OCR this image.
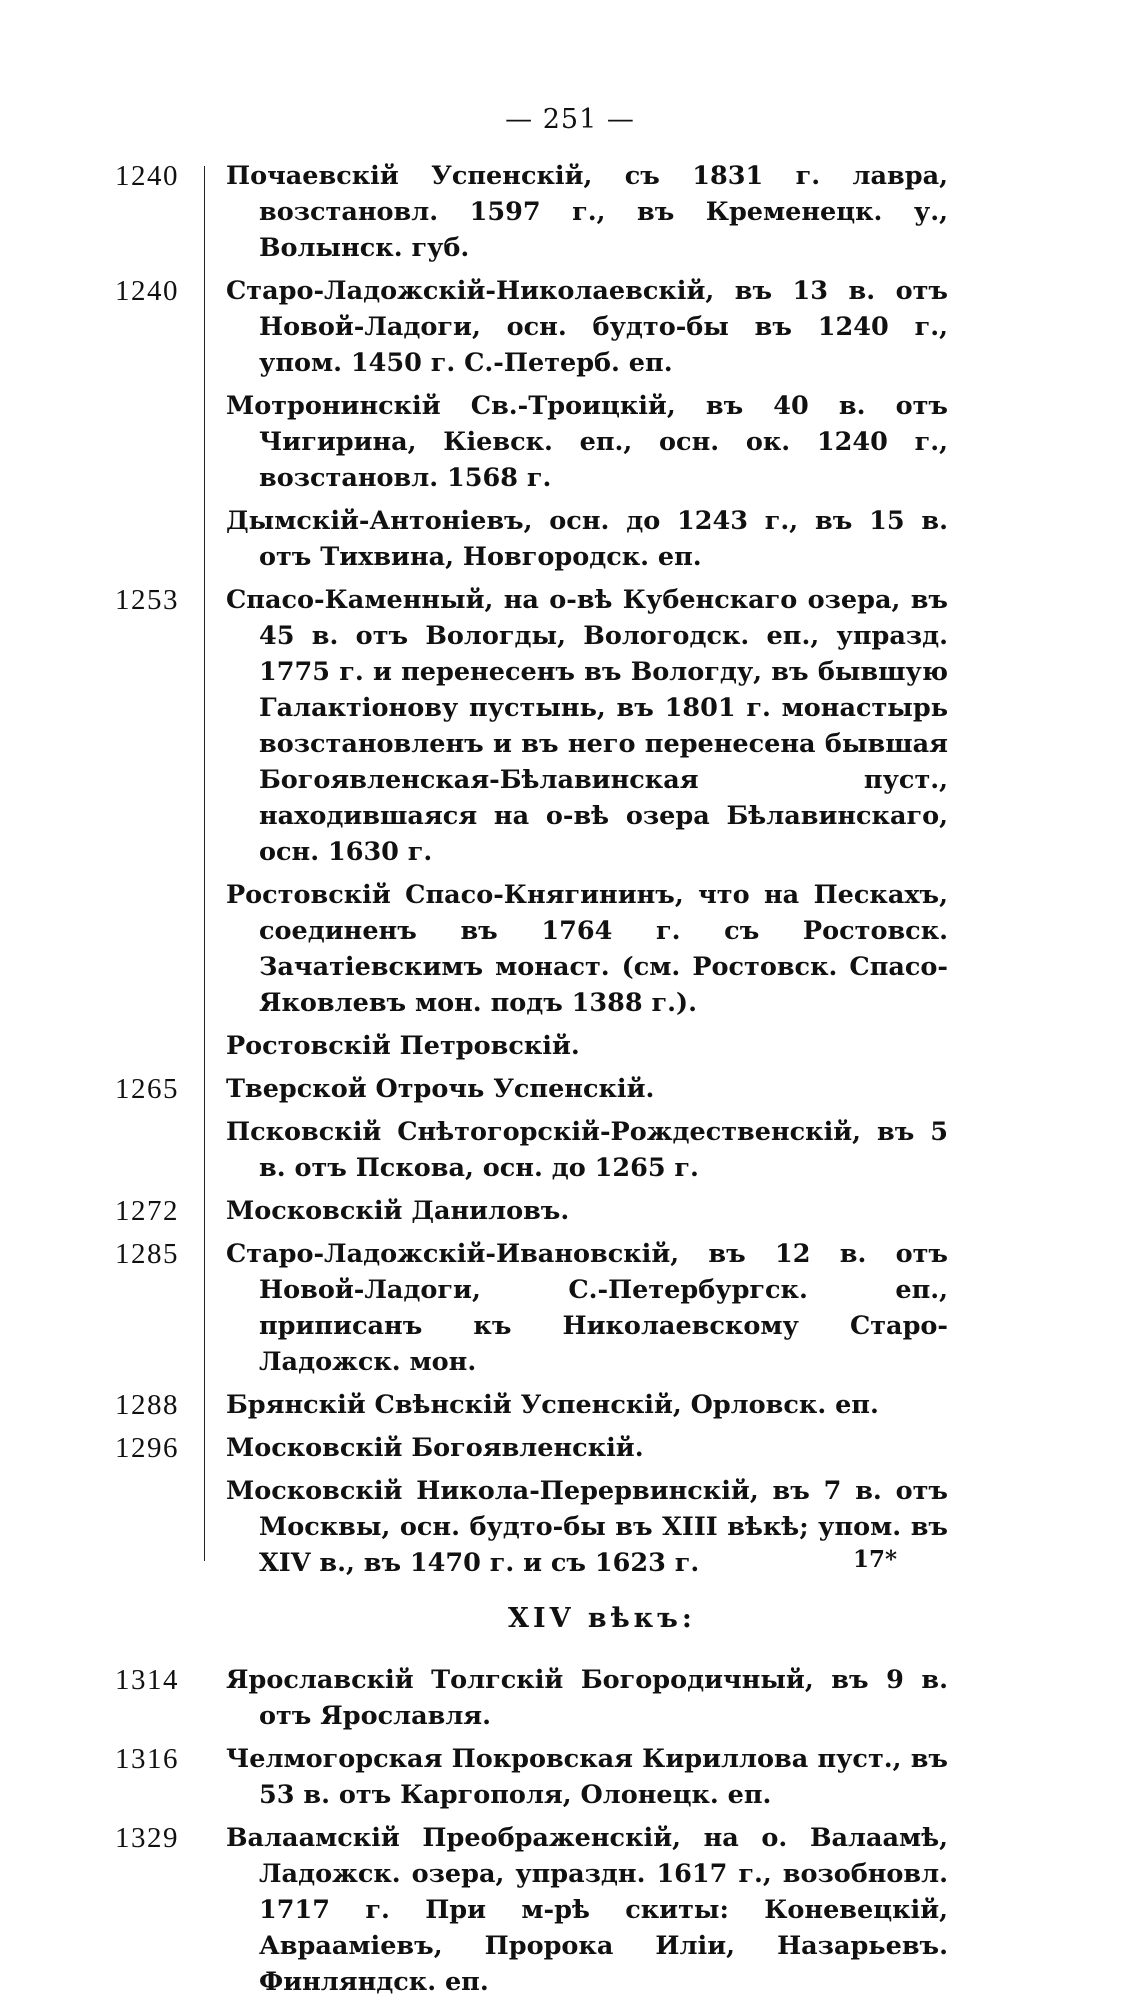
— 251 —
1240	Почаевскій Успенскій, съ 1831 г. лавра, возстановл. 1597 г., въ Кременецк. у., Волынск. губ.
1240	Старо-Ладожскій-Николаевскій, въ 13 в. отъ Новой-Ладоги, осн. будто-бы въ 1240 г., упом. 1450 г. С.-Петерб. еп.
Мотронинскій Св.-Троицкій, въ 40 в. отъ Чигирина, Кіевск. еп., осн. ок. 1240 г., возстановл. 1568 г.
Дымскій-Антоніевъ, осн. до 1243 г., въ 15 в. отъ Тихвина, Новгородск. еп.
1253	Спасо-Каменный, на о-вѣ Кубенскаго озера, въ 45 в. отъ Вологды, Вологодск. еп., упразд. 1775 г. и перенесенъ въ Вологду, въ бывшую Галактіонову пустынь, въ 1801 г. монастырь возстановленъ и въ него перенесена бывшая Богоявленская-Бѣлавинская пуст., находившаяся на о-вѣ озера Бѣлавинскаго, осн. 1630 г.
Ростовскій Спасо-Княгининъ, что на Пескахъ, соединенъ въ 1764 г. съ Ростовск. Зачатіевскимъ монаст. (см. Ростовск. Спасо-Яковлевъ мон. подъ 1388 г.).
Ростовскій Петровскій.
1265	Тверской Отрочь Успенскій.
Псковскій Снѣтогорскій-Рождественскій, въ 5 в. отъ Пскова, осн. до 1265 г.
1272	Московскій Даниловъ.
1285	Старо-Ладожскій-Ивановскій, въ 12 в. отъ Новой-Ладоги, С.-Петербургск. еп., приписанъ къ Николаевскому Старо-Ладожск. мон.
1288	Брянскій Свѣнскій Успенскій, Орловск. еп.
1296	Московскій Богоявленскій.
Московскій Никола-Перервинскій, въ 7 в. отъ Москвы, осн. будто-бы въ XIII вѣкѣ; упом. въ XIV в., въ 1470 г. и съ 1623 г.
XIV вѣкъ:
1314	Ярославскій Толгскій Богородичный, въ 9 в. отъ Ярославля.
1316	Челмогорская Покровская Кириллова пуст., въ 53 в. отъ Каргополя, Олонецк. еп.
1329	Валаамскій Преображенскій, на о. Валаамѣ, Ладожск. озера, упраздн. 1617 г., возобновл. 1717 г. При м-рѣ скиты: Коневецкій, Авраaміевъ, Пророка Иліи, Назарьевъ. Финляндск. еп.
17*
